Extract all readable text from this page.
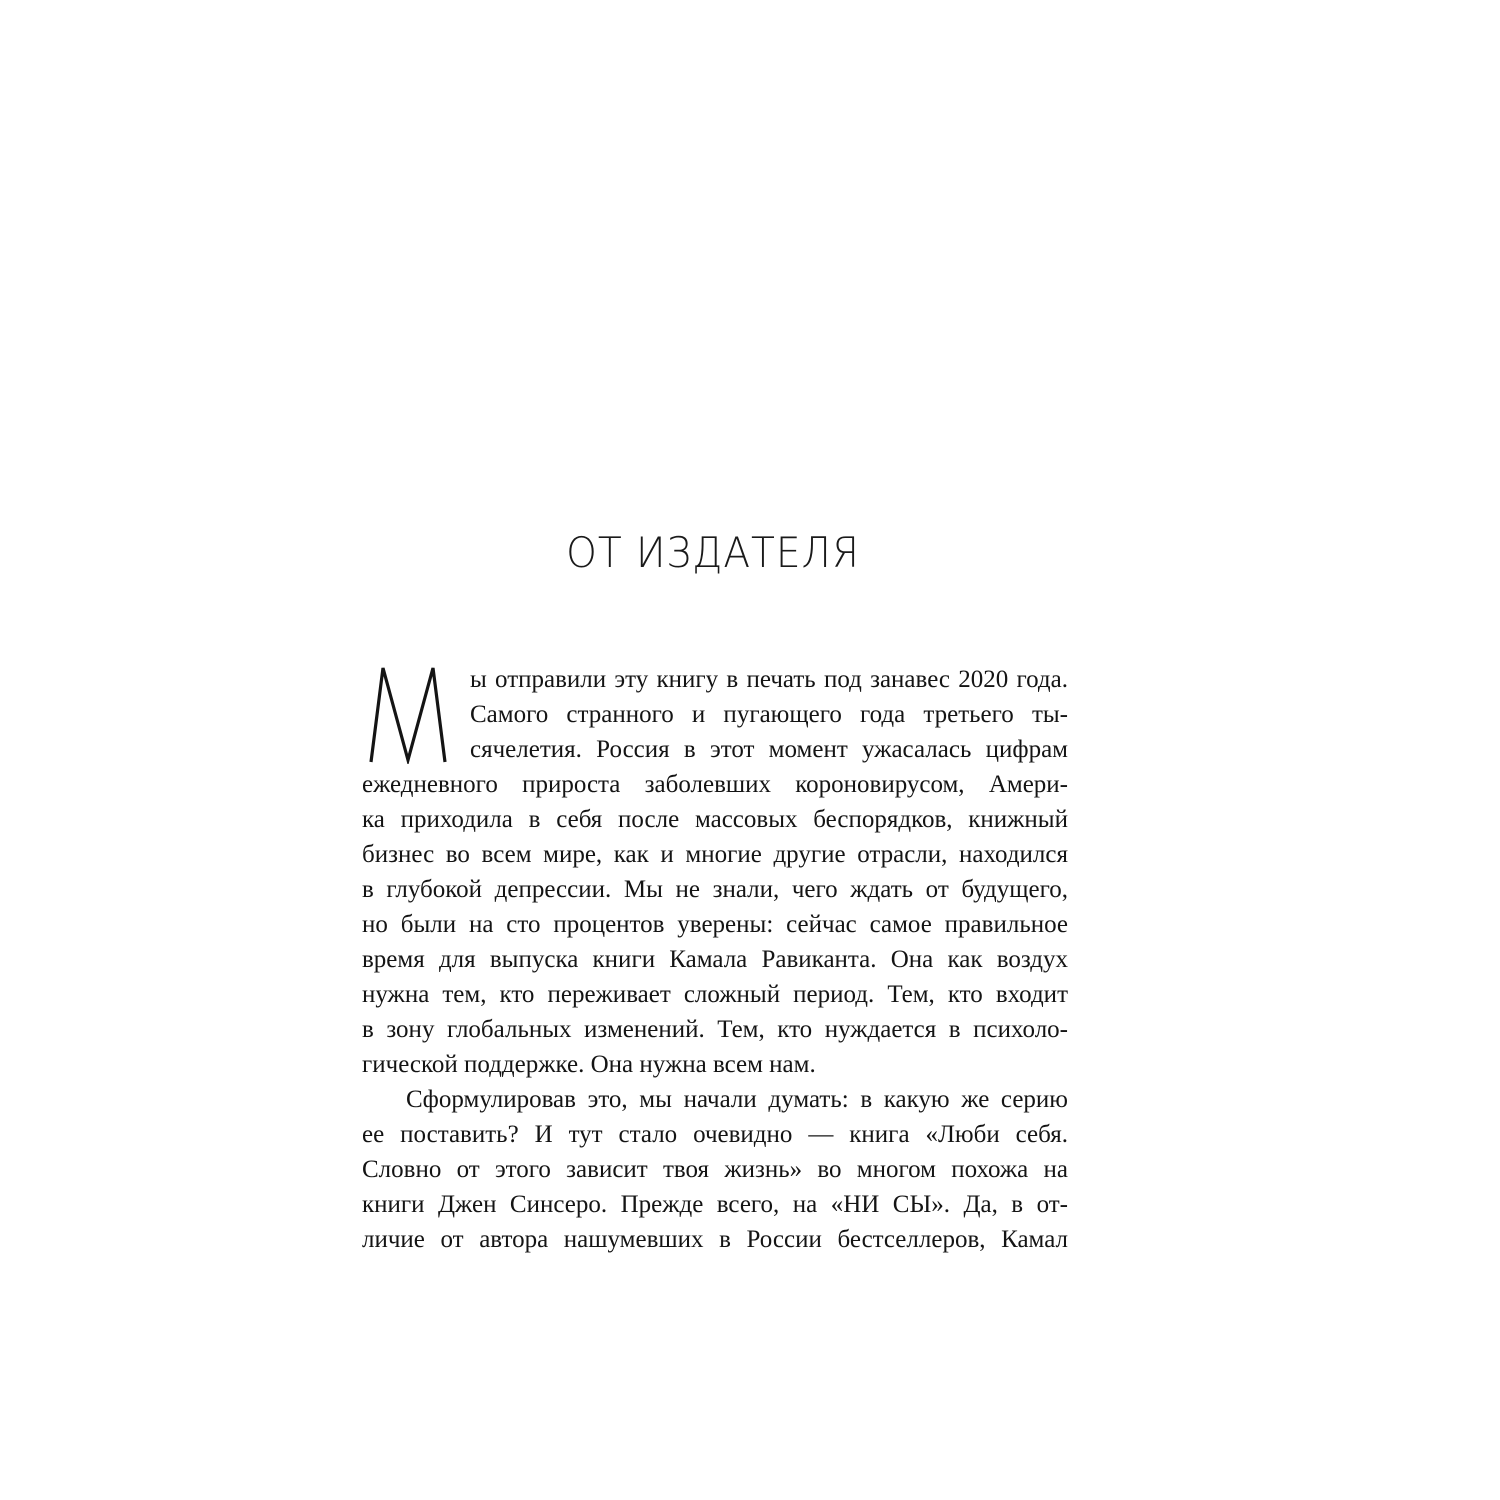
ОТ ИЗДАТЕЛЯ
ы отправили эту книгу в печать под занавес 2020 года.
Самого странного и пугающего года третьего ты-
сячелетия. Россия в этот момент ужасалась цифрам
ежедневного прироста заболевших короновирусом, Амери-
ка приходила в себя после массовых беспорядков, книжный
бизнес во всем мире, как и многие другие отрасли, находился
в глубокой депрессии. Мы не знали, чего ждать от будущего,
но были на сто процентов уверены: сейчас самое правильное
время для выпуска книги Камала Равиканта. Она как воздух
нужна тем, кто переживает сложный период. Тем, кто входит
в зону глобальных изменений. Тем, кто нуждается в психоло-
гической поддержке. Она нужна всем нам.
Сформулировав это, мы начали думать: в какую же серию
ее поставить? И тут стало очевидно — книга «Люби себя.
Словно от этого зависит твоя жизнь» во многом похожа на
книги Джен Синсеро. Прежде всего, на «НИ СЫ». Да, в от-
личие от автора нашумевших в России бестселлеров, Камал
